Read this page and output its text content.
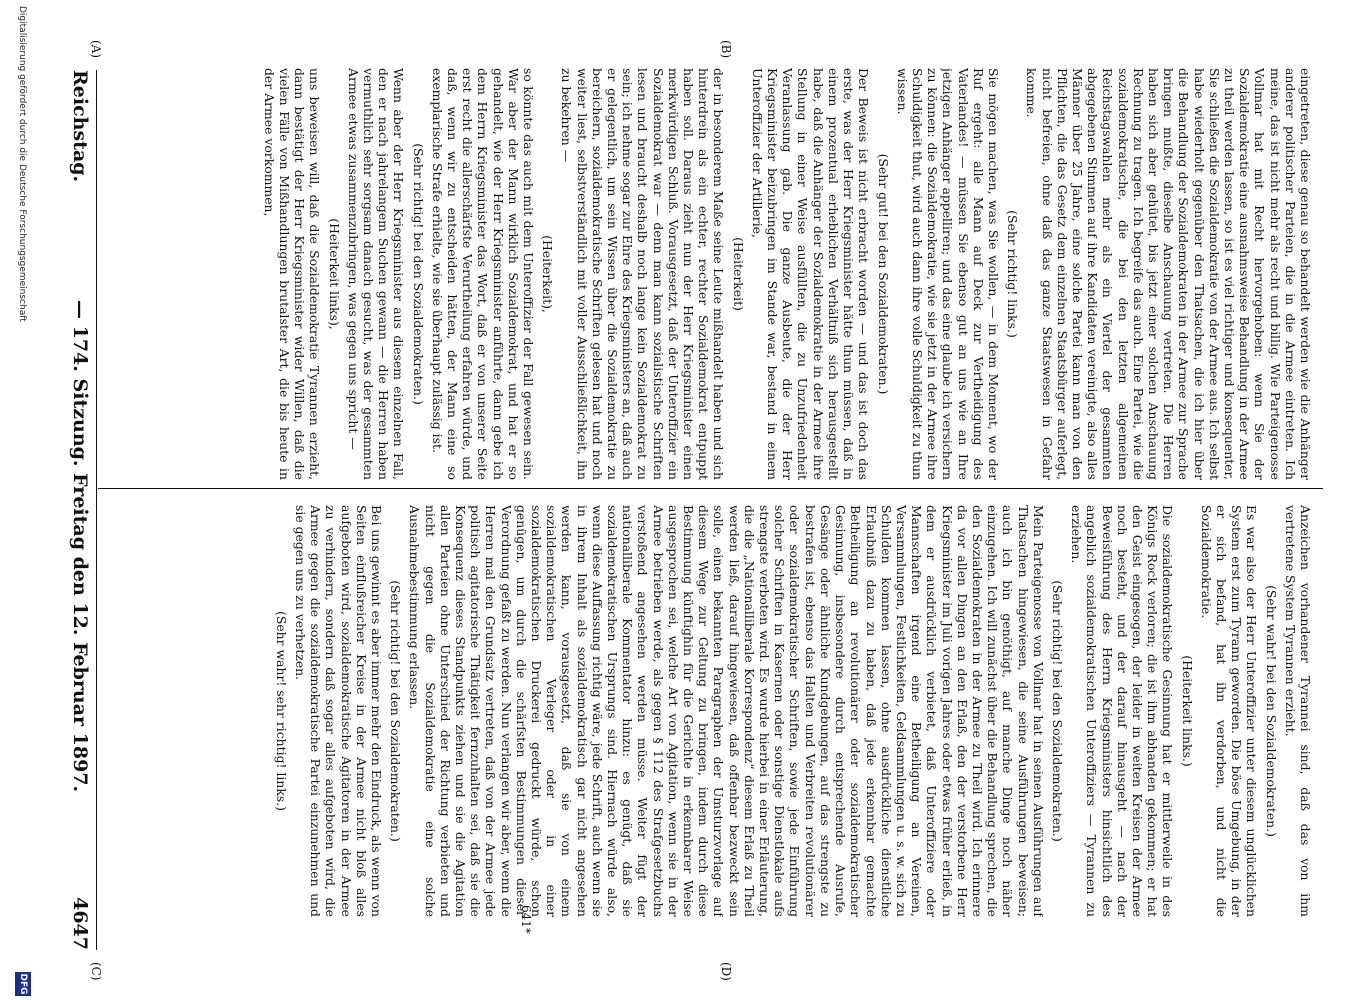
Reichstag.
— 174. Sitzung. Freitag den 12. Februar 1897.
4647

eingetreten, diese genau so behandelt werden wie die Anhänger anderer politischer Parteien, die in die Armee eintreten. Ich meine, das ist nicht mehr als recht und billig. Wie Parteigenosse Vollmar hat mit Recht hervorgehoben: wenn Sie der Sozialdemokratie eine ausnahmsweise Behandlung in der Armee zu theil werden lassen, so ist es viel richtiger und konsequenter, Sie schließen die Sozialdemokratie von der Armee aus. Ich selbst habe wiederholt gegenüber den Thatsachen, die ich hier über die Behandlung der Sozialdemokraten in der Armee zur Sprache bringen mußte, dieselbe Anschauung vertreten. Die Herren haben sich aber gehütet, bis jetzt einer solchen Anschauung Rechnung zu tragen. Ich begreife das auch. Eine Partei, wie die sozialdemokratische, die bei den letzten allgemeinen Reichstagswahlen mehr als ein Viertel der gesammten abgegebenen Stimmen auf ihre Kandidaten vereinigte, also alles Männer über 25 Jahre, eine solche Partei kann man von den Pflichten, die das Gesetz dem einzelnen Staatsbürger auferlegt, nicht befreien, ohne daß das ganze Staatswesen in Gefahr komme.

(Sehr richtig! links.)

Sie mögen machen, was Sie wollen, — in dem Moment, wo der Ruf ergeht: alle Mann auf Deck zur Vertheidigung des Vaterlandes! — müssen Sie ebenso gut an uns wie an Ihre jetzigen Anhänger appelliren; und das eine glaube ich versichern zu können: die Sozialdemokratie, wie sie jetzt in der Armee ihre Schuldigkeit thut, wird auch dann ihre volle Schuldigkeit zu thun wissen.

(Sehr gut! bei den Sozialdemokraten.)

Der Beweis ist nicht erbracht worden — und das ist doch das erste, was der Herr Kriegsminister hätte thun müssen, daß in einem prozentual erheblichen Verhältniß sich herausgestellt habe, daß die Anhänger der Sozialdemokratie in der Armee ihre Stellung in einer Weise ausfüllten, die zu Unzufriedenheit Veranlassung gab. Die ganze Ausbeute, die der Herr Kriegsminister beizubringen im Stande war, bestand in einem Unteroffizier der Artillerie,

(Heiterkeit)

der in besonderem Maße seine Leute mißhandelt haben und sich hinterdrein als ein echter, rechter Sozialdemokrat entpuppt haben soll. Daraus zieht nun der Herr Kriegsminister einen merkwürdigen Schluß. Vorausgesetzt, daß der Unteroffizier ein Sozialdemokrat war — denn man kann sozialistische Schriften lesen und braucht deshalb noch lange kein Sozialdemokrat zu sein; ich nehme sogar zur Ehre des Kriegsministers an, daß auch er gelegentlich, um sein Wissen über die Sozialdemokratie zu bereichern, sozialdemokratische Schriften gelesen hat und noch weiter liest, selbstverständlich mit voller Ausschließlichkeit, ihn zu bekehren —

(Heiterkeit),

so könnte das auch mit dem Unteroffizier der Fall gewesen sein. War aber der Mann wirklich Sozialdemokrat, und hat er so gehandelt, wie der Herr Kriegsminister anführte, dann gebe ich dem Herrn Kriegsminister das Wort, daß er von unserer Seite erst recht die allerschärfste Verurtheilung erfahren würde, und daß, wenn wir zu entscheiden hätten, der Mann eine so exemplarische Strafe erhielte, wie sie überhaupt zulässig ist.

(Sehr richtig! bei den Sozialdemokraten.)

Wenn aber der Herr Kriegsminister aus diesem einzelnen Fall, den er nach jahrelangem Suchen gewann — die Herren haben vermuthlich sehr sorgsam danach gesucht, was der gesammten Armee etwas zusammenzubringen, was gegen uns spricht —

(Heiterkeit links),

uns beweisen will, daß die Sozialdemokratie Tyrannen erzieht, dann bestätigt der Herr Kriegsminister wider Willen, daß die vielen Fälle von Mißhandlungen brutalster Art, die bis heute in der Armee vorkommen,

Anzeichen vorhandener Tyrannei sind, daß das von ihm vertretene System Tyrannen erzieht.

(Sehr wahr! bei den Sozialdemokraten.)

Es war also der Herr Unteroffizier unter diesem unglücklichen System erst zum Tyrann geworden. Die böse Umgebung, in der er sich befand, hat ihn verdorben, und nicht die Sozialdemokratie.

(Heiterkeit links.)

Die sozialdemokratische Gesinnung hat er mittlerweile in des Königs Rock verloren; die ist ihm abhanden gekommen; er hat den Geist eingesogen, der leider in weiten Kreisen der Armee noch besteht, und der darauf hinausgeht — nach der Beweisführung des Herrn Kriegsministers hinsichtlich des angeblich sozialdemokratischen Unteroffiziers — Tyrannen zu erziehen.

(Sehr richtig! bei den Sozialdemokraten.)

Mein Parteigenosse von Vollmar hat in seinen Ausführungen auf Thatsachen hingewiesen, die seine Ausführungen beweisen; auch ich bin genöthigt, auf manche Dinge noch näher einzugehen. Ich will zunächst über die Behandlung sprechen, die den Sozialdemokraten in der Armee zu Theil wird. Ich erinnere da vor allen Dingen an den Erlaß, den der verstorbene Herr Kriegsminister im Juli vorigen Jahres oder etwas früher erließ, in dem er ausdrücklich verbietet, daß Unteroffiziere oder Mannschaften irgend eine Betheiligung an Vereinen, Versammlungen, Festlichkeiten, Geldsammlungen u. s. w. sich zu Schulden kommen lassen, ohne ausdrückliche dienstliche Erlaubniß dazu zu haben, daß jede erkennbar gemachte Betheiligung an revolutionärer oder sozialdemokratischer Gesinnung, insbesondere durch entsprechende Ausrufe, Gesänge oder ähnliche Kundgebungen, auf das strengste zu bestrafen ist, ebenso das Halten und Verbreiten revolutionärer oder sozialdemokratischer Schriften, sowie jede Einführung solcher Schriften in Kasernen oder sonstige Dienstlokale aufs strengste verboten wird. Es wurde hierbei in einer Erläuterung, die die „Nationalliberale Korrespondenz“ diesem Erlaß zu Theil werden ließ, darauf hingewiesen, daß offenbar bezweckt sein solle, einen bekannten Paragraphen der Umsturzvorlage auf diesem Wege zur Geltung zu bringen, indem durch diese Bestimmung künftighin für die Gerichte in erkennbarer Weise ausgesprochen sei, welche Art von Agitation, wenn sie in der Armee betrieben werde, als gegen § 112 des Strafgesetzbuchs verstoßend angesehen werden müsse. Weiter fügt der nationalliberale Kommentator hinzu: es genügt, daß sie sozialdemokratischen Ursprungs sind. Hiernach würde also, wenn diese Auffassung richtig wäre, jede Schrift, auch wenn sie in ihrem Inhalt als sozialdemokratisch gar nicht angesehen werden kann, vorausgesetzt, daß sie von einem sozialdemokratischen Verleger oder in einer sozialdemokratischen Druckerei gedruckt würde, schon genügen, um durch die schärfsten Bestimmungen dieser Verordnung gefaßt zu werden. Nun verlangen wir aber, wenn die Herren mal den Grundsatz vertreten, daß von der Armee jede politisch agitatorische Thätigkeit fernzuhalten sei, daß sie die Konsequenz dieses Standpunkts ziehen und sie die Agitation allen Parteien ohne Unterschied der Richtung verbieten und nicht gegen die Sozialdemokratie eine solche Ausnahmebestimmung erlassen.

(Sehr richtig! bei den Sozialdemokraten.)

Bei uns gewinnt es aber immer mehr den Eindruck, als wenn von Seiten einflußreicher Kreise in der Armee nicht bloß alles aufgeboten wird, sozialdemokratische Agitatoren in der Armee zu verhindern, sondern daß sogar alles aufgeboten wird, die Armee gegen die sozialdemokratische Partei einzunehmen und sie gegen uns zu verhetzen.

(Sehr wahr! sehr richtig! links.)

(A)	(B)
(C)	(D)
641*
Digitalisierung gefördert durch die Deutsche Forschungsgemeinschaft
DFG
